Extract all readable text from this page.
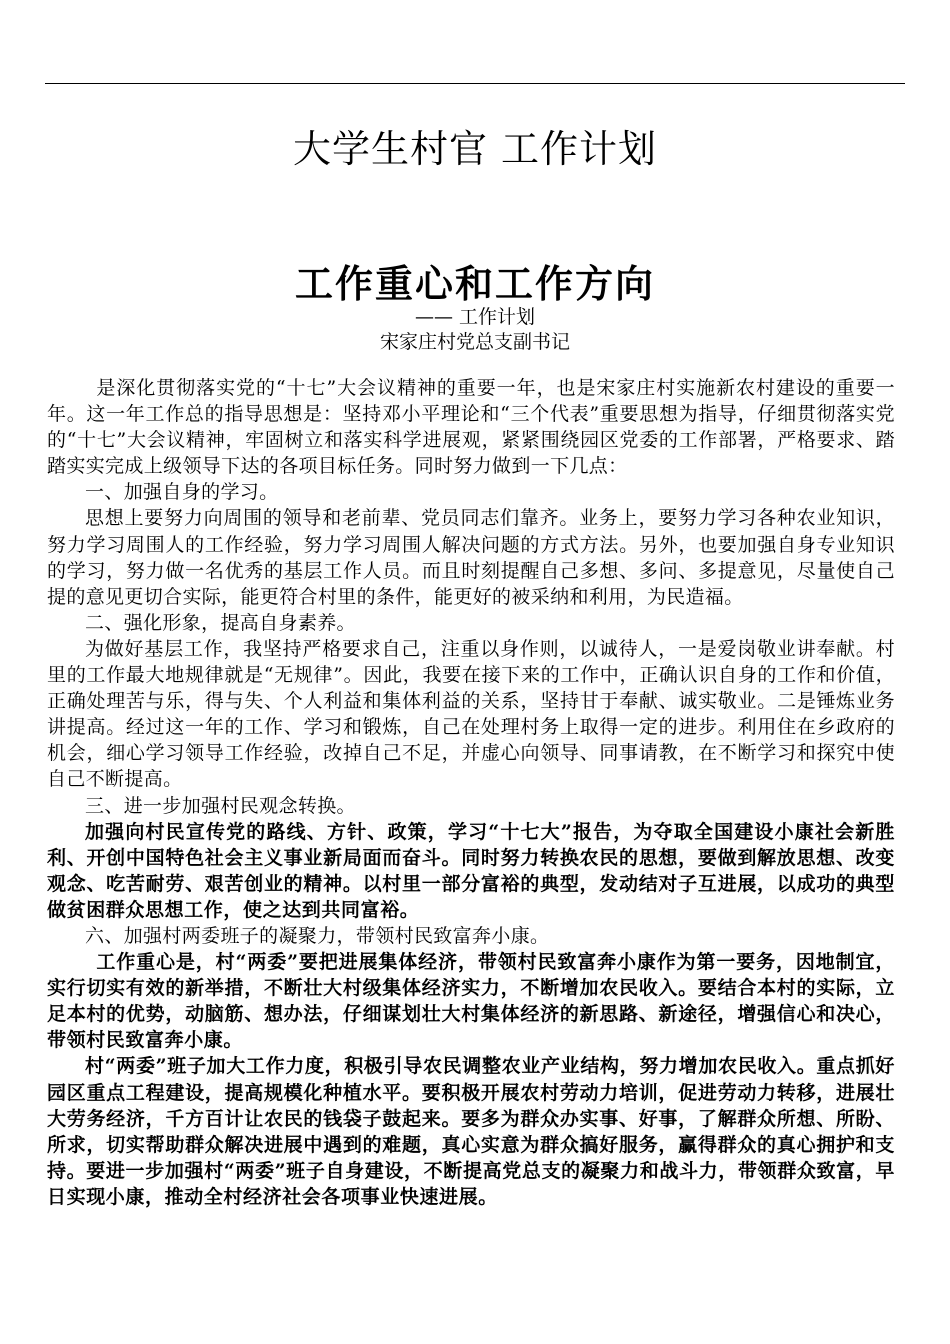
大学生村官 工作计划
工作重心和工作方向
—— 工作计划
宋家庄村党总支副书记

是深化贯彻落实党的“十七”大会议精神的重要一年，也是宋家庄村实施新农村建设的重要一年。这一年工作总的指导思想是：坚持邓小平理论和“三个代表”重要思想为指导，仔细贯彻落实党的“十七”大会议精神，牢固树立和落实科学进展观，紧紧围绕园区党委的工作部署，严格要求、踏踏实实完成上级领导下达的各项目标任务。同时努力做到一下几点：

一、加强自身的学习。

思想上要努力向周围的领导和老前辈、党员同志们靠齐。业务上，要努力学习各种农业知识，努力学习周围人的工作经验，努力学习周围人解决问题的方式方法。另外，也要加强自身专业知识的学习，努力做一名优秀的基层工作人员。而且时刻提醒自己多想、多问、多提意见，尽量使自己提的意见更切合实际，能更符合村里的条件，能更好的被采纳和利用，为民造福。

二、强化形象，提高自身素养。

为做好基层工作，我坚持严格要求自己，注重以身作则，以诚待人，一是爱岗敬业讲奉献。村里的工作最大地规律就是“无规律”。因此，我要在接下来的工作中，正确认识自身的工作和价值，正确处理苦与乐，得与失、个人利益和集体利益的关系，坚持甘于奉献、诚实敬业。二是锤炼业务讲提高。经过这一年的工作、学习和锻炼，自己在处理村务上取得一定的进步。利用住在乡政府的机会，细心学习领导工作经验，改掉自己不足，并虚心向领导、同事请教，在不断学习和探究中使自己不断提高。

三、进一步加强村民观念转换。

加强向村民宣传党的路线、方针、政策，学习“十七大”报告，为夺取全国建设小康社会新胜利、开创中国特色社会主义事业新局面而奋斗。同时努力转换农民的思想，要做到解放思想、改变观念、吃苦耐劳、艰苦创业的精神。以村里一部分富裕的典型，发动结对子互进展，以成功的典型做贫困群众思想工作，使之达到共同富裕。

六、加强村两委班子的凝聚力，带领村民致富奔小康。

工作重心是，村“两委”要把进展集体经济，带领村民致富奔小康作为第一要务，因地制宜，实行切实有效的新举措，不断壮大村级集体经济实力，不断增加农民收入。要结合本村的实际，立足本村的优势，动脑筋、想办法，仔细谋划壮大村集体经济的新思路、新途径，增强信心和决心，带领村民致富奔小康。

村“两委”班子加大工作力度，积极引导农民调整农业产业结构，努力增加农民收入。重点抓好园区重点工程建设，提高规模化种植水平。要积极开展农村劳动力培训，促进劳动力转移，进展壮大劳务经济，千方百计让农民的钱袋子鼓起来。要多为群众办实事、好事，了解群众所想、所盼、所求，切实帮助群众解决进展中遇到的难题，真心实意为群众搞好服务，赢得群众的真心拥护和支持。要进一步加强村“两委”班子自身建设，不断提高党总支的凝聚力和战斗力，带领群众致富，早日实现小康，推动全村经济社会各项事业快速进展。
